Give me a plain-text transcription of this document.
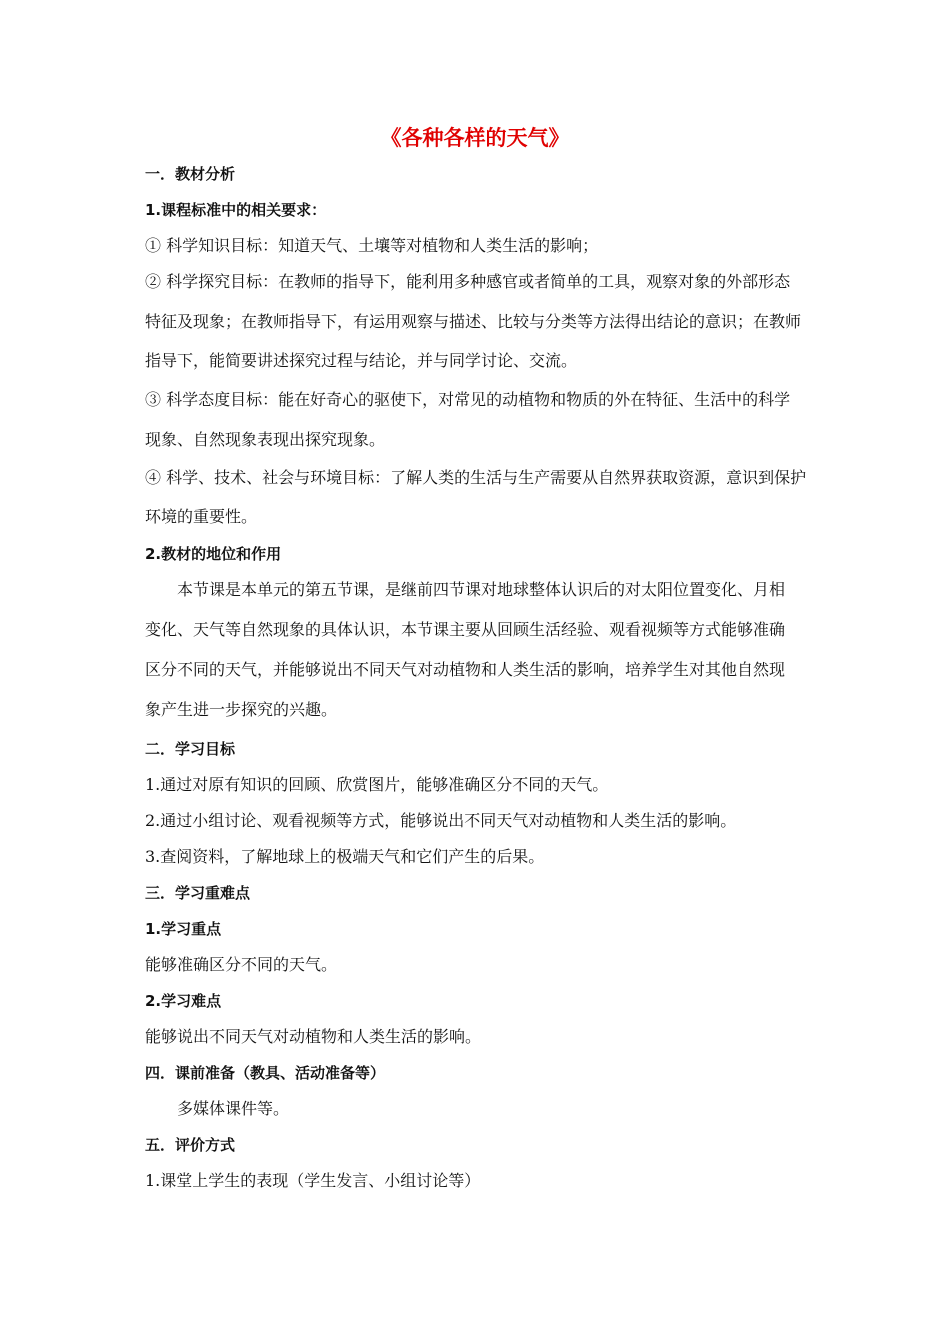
《各种各样的天气》
一．教材分析
1.课程标准中的相关要求：
① 科学知识目标：知道天气、土壤等对植物和人类生活的影响；
② 科学探究目标：在教师的指导下，能利用多种感官或者简单的工具，观察对象的外部形态
特征及现象；在教师指导下，有运用观察与描述、比较与分类等方法得出结论的意识；在教师
指导下，能简要讲述探究过程与结论，并与同学讨论、交流。
③ 科学态度目标：能在好奇心的驱使下，对常见的动植物和物质的外在特征、生活中的科学
现象、自然现象表现出探究现象。
④ 科学、技术、社会与环境目标：了解人类的生活与生产需要从自然界获取资源，意识到保护
环境的重要性。
2.教材的地位和作用
本节课是本单元的第五节课，是继前四节课对地球整体认识后的对太阳位置变化、月相
变化、天气等自然现象的具体认识，本节课主要从回顾生活经验、观看视频等方式能够准确
区分不同的天气，并能够说出不同天气对动植物和人类生活的影响，培养学生对其他自然现
象产生进一步探究的兴趣。
二．学习目标
1.通过对原有知识的回顾、欣赏图片，能够准确区分不同的天气。
2.通过小组讨论、观看视频等方式，能够说出不同天气对动植物和人类生活的影响。
3.查阅资料，了解地球上的极端天气和它们产生的后果。
三．学习重难点
1.学习重点
能够准确区分不同的天气。
2.学习难点
能够说出不同天气对动植物和人类生活的影响。
四．课前准备（教具、活动准备等）
多媒体课件等。
五．评价方式
1.课堂上学生的表现（学生发言、小组讨论等）
